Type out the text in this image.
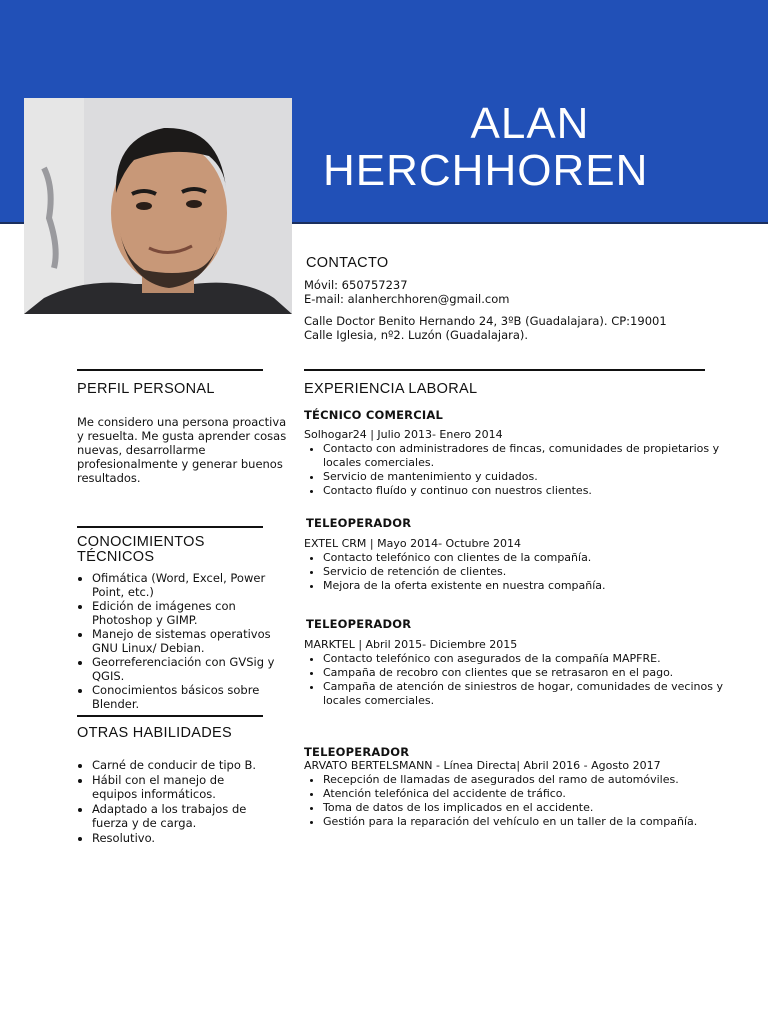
ALAN
HERCHHOREN
CONTACTO
Móvil: 650757237
E-mail: alanherchhoren@gmail.com
Calle Doctor Benito Hernando 24, 3ºB (Guadalajara). CP:19001
Calle Iglesia, nº2. Luzón (Guadalajara).
PERFIL PERSONAL
Me considero una persona proactiva y resuelta. Me gusta aprender cosas nuevas, desarrollarme profesionalmente y generar buenos resultados.
CONOCIMIENTOS TÉCNICOS
• Ofimática (Word, Excel, Power Point, etc.)
• Edición de imágenes con Photoshop y GIMP.
• Manejo de sistemas operativos GNU Linux/ Debian.
• Georreferenciación con GVSig y QGIS.
• Conocimientos básicos sobre Blender.
OTRAS HABILIDADES
• Carné de conducir de tipo B.
• Hábil con el manejo de equipos informáticos.
• Adaptado a los trabajos de fuerza y de carga.
• Resolutivo.
EXPERIENCIA LABORAL
TÉCNICO COMERCIAL
Solhogar24 | Julio 2013- Enero 2014
• Contacto con administradores de fincas, comunidades de propietarios y locales comerciales.
• Servicio de mantenimiento y cuidados.
• Contacto fluído y continuo con nuestros clientes.
TELEOPERADOR
EXTEL CRM | Mayo 2014- Octubre 2014
• Contacto telefónico con clientes de la compañía.
• Servicio de retención de clientes.
• Mejora de la oferta existente en nuestra compañía.
TELEOPERADOR
MARKTEL | Abril 2015- Diciembre 2015
• Contacto telefónico con asegurados de la compañía MAPFRE.
• Campaña de recobro con clientes que se retrasaron en el pago.
• Campaña de atención de siniestros de hogar, comunidades de vecinos y locales comerciales.
TELEOPERADOR
ARVATO BERTELSMANN - Línea Directa| Abril 2016 - Agosto 2017
• Recepción de llamadas de asegurados del ramo de automóviles.
• Atención telefónica del accidente de tráfico.
• Toma de datos de los implicados en el accidente.
• Gestión para la reparación del vehículo en un taller de la compañía.
